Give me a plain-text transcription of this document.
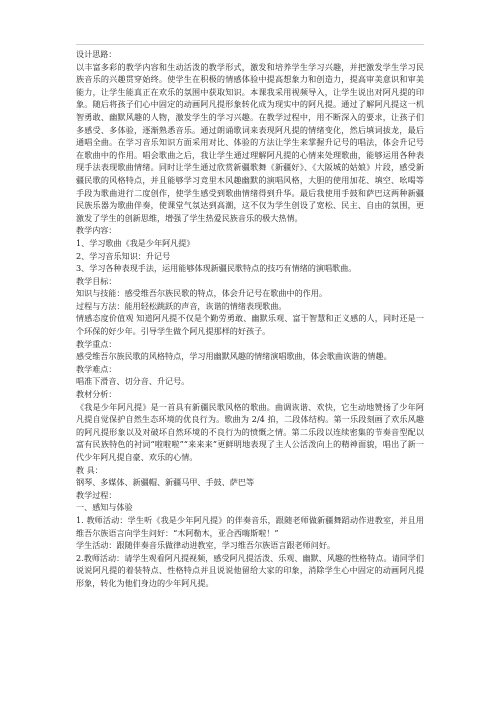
设计思路：

以丰富多彩的教学内容和生动活泼的教学形式，激发和培养学生学习兴趣，并把激发学生学习民族音乐的兴趣贯穿始终。使学生在积极的情感体验中提高想象力和创造力，提高审美意识和审美能力，让学生能真正在欢乐的氛围中获取知识。本课我采用视频导入，让学生说出对阿凡提的印象。随后将孩子们心中固定的动画阿凡提形象转化成为现实中的阿凡提。通过了解阿凡提这一机智勇敢、幽默风趣的人物，激发学生的学习兴趣。在教学过程中，用不断深入的要求，让孩子们多感受、多体验，逐渐熟悉音乐。通过朗诵歌词来表现阿凡提的情绪变化，然后填词拔龙，最后通唱全曲。在学习音乐知识方面采用对比、体验的方法让学生来掌握升记号的唱法，体会升记号在歌曲中的作用。唱会歌曲之后，我让学生通过理解阿凡提的心情来处理歌曲，能够运用各种表现手法表现歌曲情绪。同时让学生通过欣赏新疆歌舞《新疆好》、《大阪城的姑娘》片段，感受新疆民歌的风格特点，并且能够学习竞里木风趣幽默的演唱风格，大胆的使用加花、填空、吆喝等手段为歌曲进行二度创作，使学生感受到歌曲情绪得到升华。最后我使用手鼓和萨巴这两种新疆民族乐器为歌曲伴奏，使课堂气氛达到高潮，这不仅为学生创设了宽松、民主、自由的氛围，更激发了学生的创新思维，增强了学生热爱民族音乐的极大热情。

教学内容：
1、学习歌曲《我是少年阿凡提》
2、学习音乐知识：升记号
3、学习各种表现手法，运用能够体现新疆民歌特点的技巧有情绪的演唱歌曲。
教学目标：
知识与技能：感受维吾尔族民歌的特点，体会升记号在歌曲中的作用。
过程与方法：能用轻松跳跃的声音，诙谐的情绪表现歌曲。

情感态度价值观 知道阿凡提不仅是个勤劳勇敢、幽默乐观、富于智慧和正义感的人，同时还是一个环保的好少年。引导学生做个阿凡提那样的好孩子。

教学重点：
感受维吾尔族民歌的风格特点，学习用幽默风趣的情绪演唱歌曲，体会歌曲诙谐的情趣。
教学难点：
唱准下滑音、切分音、升记号。
教材分析：

《我是少年阿凡提》是一首具有新疆民歌风格的歌曲。曲调诙谐、欢快，它生动地赞扬了少年阿凡提自觉保护自然生态环境的优良行为。歌曲为 2/4 拍，二段体结构。第一乐段刻画了欢乐风趣的阿凡提形象以及对破坏自然环境的不良行为的愤慨之情。第二乐段以连续密集的节奏音型配以富有民族特色的衬词“啦啦啦”“来来来”更鲜明地表现了主人公活泼向上的精神面貌，唱出了新一代少年阿凡提自豪、欢乐的心情。

教 具：
钢琴、多媒体、新疆帽、新疆马甲、手鼓、萨巴等
教学过程：
一、感知与体验

1. 教师活动：学生听《我是少年阿凡提》的伴奏音乐，跟随老师做新疆舞蹈动作进教室，并且用维吾尔族语言向学生问好：“木阿勒木，亚合西嗨斯啦！”

学生活动：跟随伴奏音乐做律动进教室，学习维吾尔族语言跟老师问好。

2.教师活动：请学生观看阿凡提视频，感受阿凡提活泼、乐观、幽默、风趣的性格特点。请同学们说说阿凡提的着装特点、性格特点并且说说他留给大家的印象，消除学生心中固定的动画阿凡提形象，转化为他们身边的少年阿凡提。
